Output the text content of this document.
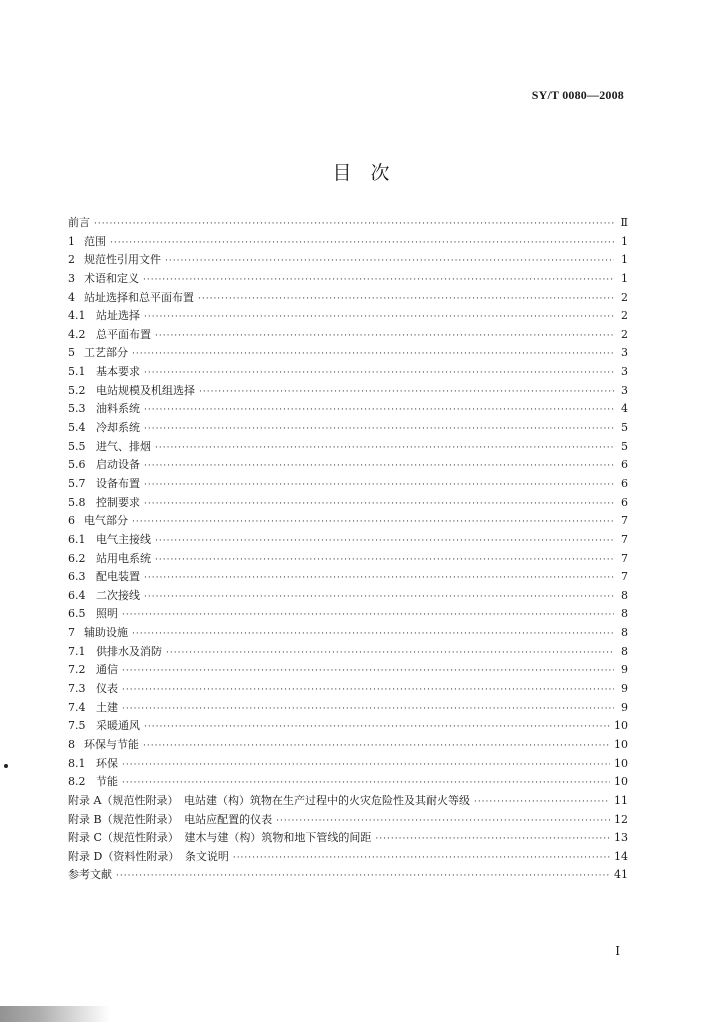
SY/T 0080—2008
目　次
前言 ·····	Ⅱ
1 范围 ·····	1
2 规范性引用文件 ·····	1
3 术语和定义 ·····	1
4 站址选择和总平面布置 ·····	2
4.1 站址选择 ·····	2
4.2 总平面布置 ·····	2
5 工艺部分 ·····	3
5.1 基本要求 ·····	3
5.2 电站规模及机组选择 ·····	3
5.3 油料系统 ·····	4
5.4 冷却系统 ·····	5
5.5 进气、排烟 ·····	5
5.6 启动设备 ·····	6
5.7 设备布置 ·····	6
5.8 控制要求 ·····	6
6 电气部分 ·····	7
6.1 电气主接线 ·····	7
6.2 站用电系统 ·····	7
6.3 配电装置 ·····	7
6.4 二次接线 ·····	8
6.5 照明 ·····	8
7 辅助设施 ·····	8
7.1 供排水及消防 ·····	8
7.2 通信 ·····	9
7.3 仪表 ·····	9
7.4 土建 ·····	9
7.5 采暖通风 ·····	10
8 环保与节能 ·····	10
8.1 环保 ·····	10
8.2 节能 ·····	10
附录 A（规范性附录）　电站建（构）筑物在生产过程中的火灾危险性及其耐火等级 ·····	11
附录 B（规范性附录）　电站应配置的仪表 ·····	12
附录 C（规范性附录）　建木与建（构）筑物和地下管线的间距 ·····	13
附录 D（资料性附录）　条文说明 ·····	14
参考文献 ·····	41
I
